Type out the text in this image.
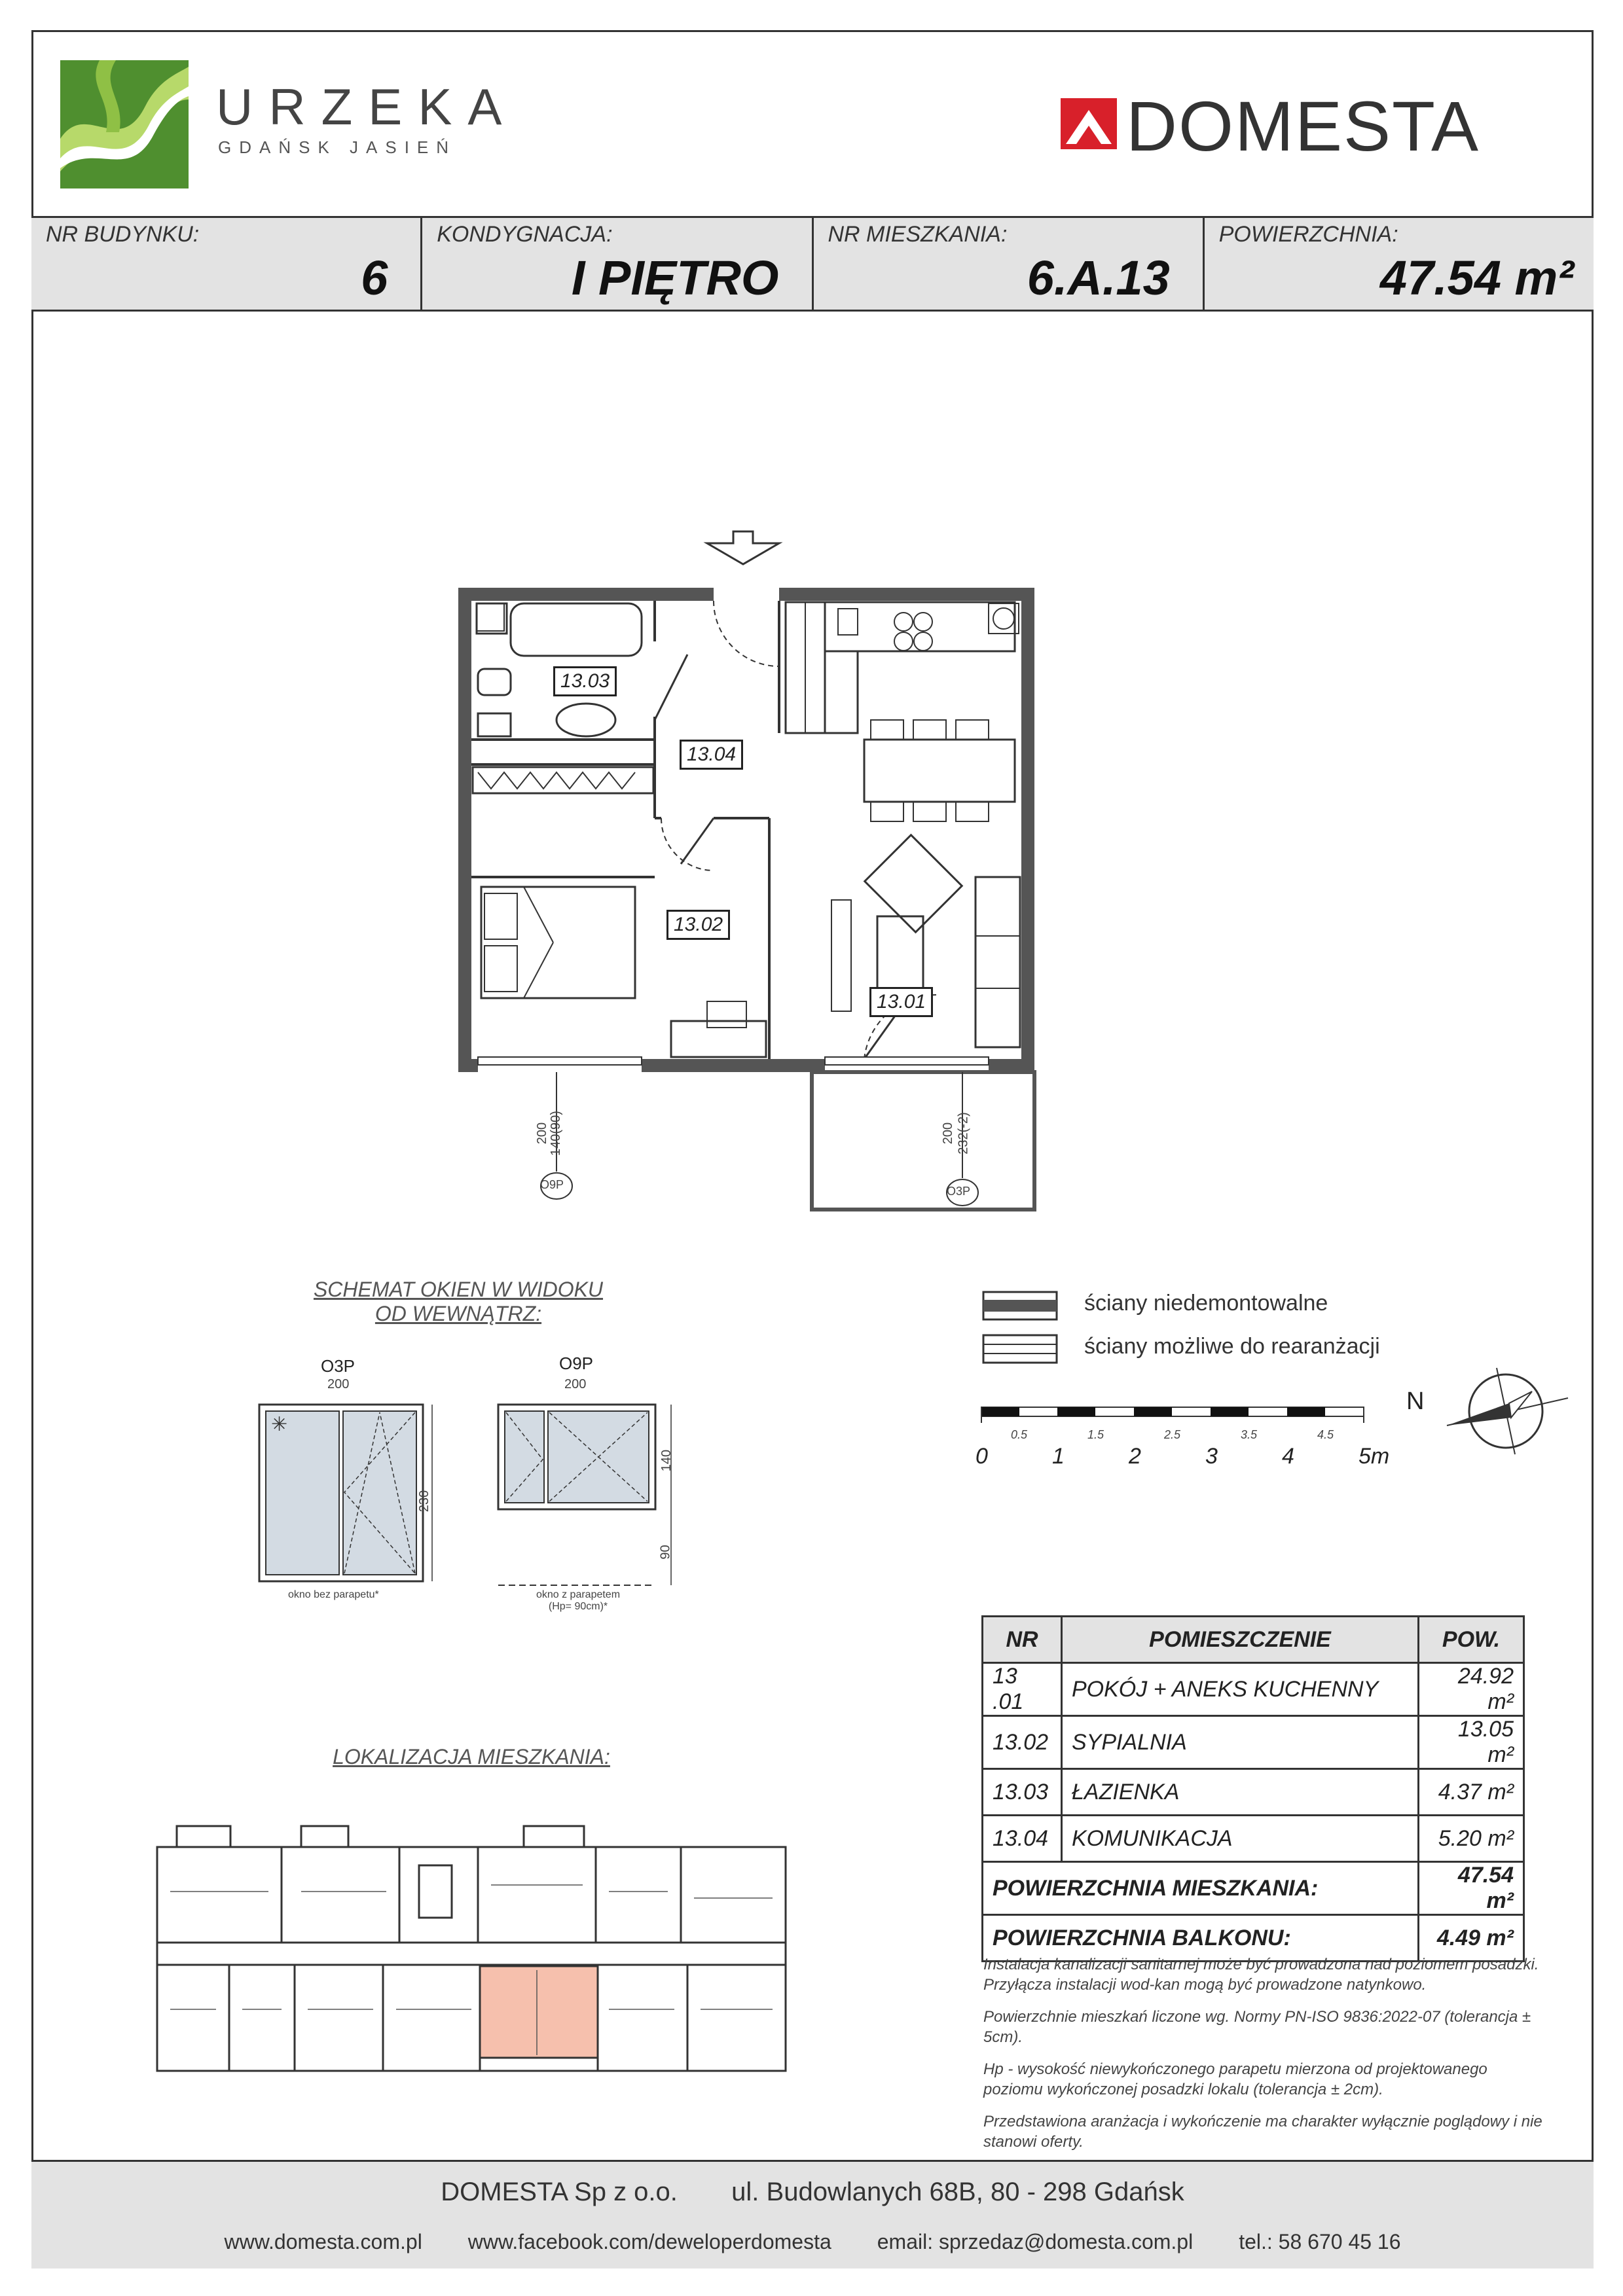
URZEKA
GDAŃSK JASIEŃ	DOMESTA
NR BUDYNKU:
6
KONDYGNACJA:
I PIĘTRO
NR MIESZKANIA:
6.A.13
POWIERZCHNIA:
47.54 m²
13.03
13.04
13.02
13.01
O9P	O3P
200
140(90)	200 232(-2)
SCHEMAT OKIEN W WIDOKU
OD WEWNĄTRZ:
O3P
200
✳
230
okno bez parapetu*
O9P
200
140
90
okno z parapetem
(Hp= 90cm)*
ściany niedemontowalne
ściany możliwe do rearanżacji
0.5	1.5	2.5	3.5	4.5
0	1	2	3	4	5m
N
LOKALIZACJA MIESZKANIA:
NR	POMIESZCZENIE	POW.
13 .01	POKÓJ + ANEKS KUCHENNY	24.92 m²
13.02	SYPIALNIA	13.05 m²
13.03	ŁAZIENKA	4.37 m²
13.04	KOMUNIKACJA	5.20 m²
POWIERZCHNIA MIESZKANIA:		47.54 m²
POWIERZCHNIA BALKONU:		4.49 m²

Instalacja kanalizacji sanitarnej może być prowadzona nad poziomem posadzki. Przyłącza instalacji wod-kan mogą być prowadzone natynkowo.

Powierzchnie mieszkań liczone wg. Normy PN-ISO 9836:2022-07 (tolerancja ± 5cm).

Hp - wysokość niewykończonego parapetu mierzona od projektowanego poziomu wykończonej posadzki lokalu (tolerancja ± 2cm).

Przedstawiona aranżacja i wykończenie ma charakter wyłącznie poglądowy i nie stanowi oferty.

DOMESTA Sp z o.o. ul. Budowlanych 68B, 80 - 298 Gdańsk
www.domesta.com.pl www.facebook.com/deweloperdomesta email: sprzedaz@domesta.com.pl tel.: 58 670 45 16
